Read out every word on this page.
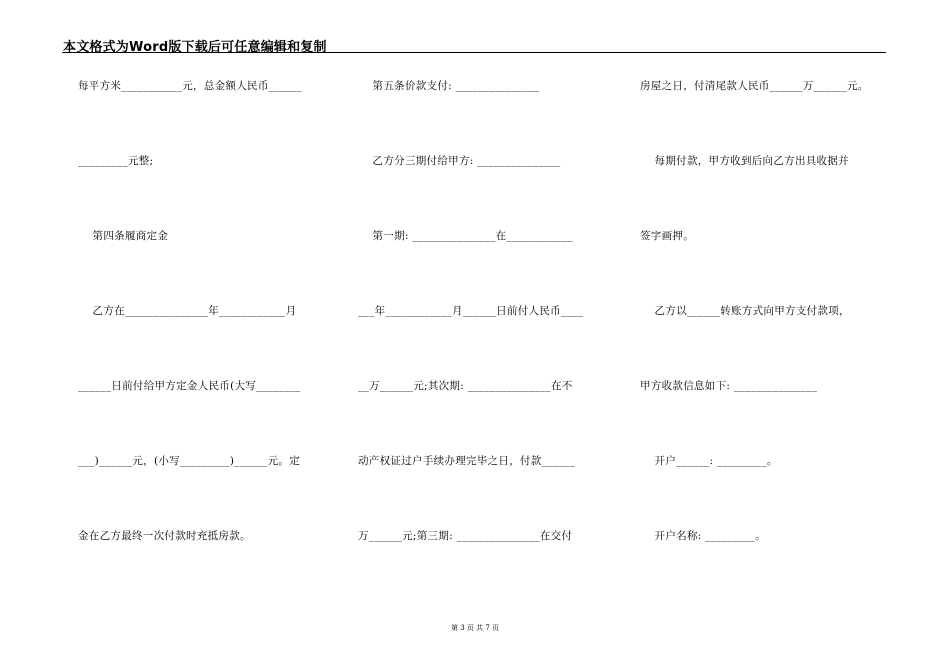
本文格式为Word版下载后可任意编辑和复制
每平方米___________元，总金额人民币______
_________元整;
第四条履商定金
乙方在_______________年____________月
______日前付给甲方定金人民币(大写________
___)______元，(小写_________)______元。定
金在乙方最终一次付款时充抵房款。
第五条价款支付: _______________
乙方分三期付给甲方: _______________
第一期: _______________在____________
___年____________月______日前付人民币____
__万______元;其次期: _______________在不
动产权证过户手续办理完毕之日，付款______
万______元;第三期: _______________在交付
房屋之日，付清尾款人民币______万______元。
每期付款，甲方收到后向乙方出具收据并
签字画押。
乙方以______转账方式向甲方支付款项，
甲方收款信息如下: _______________
开户______: _________。
开户名称: _________。
第 3 页 共 7 页
